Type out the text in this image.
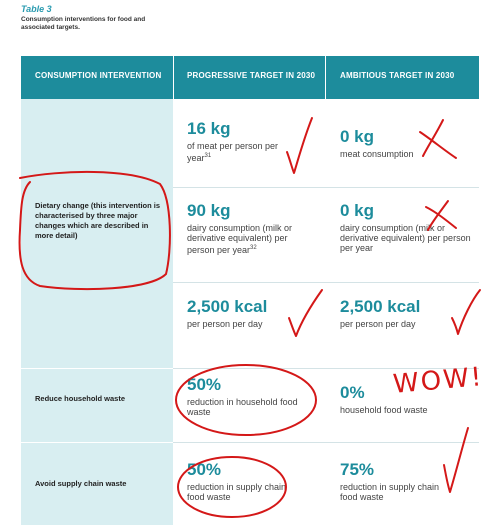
Table 3
Consumption interventions for food and associated targets.
CONSUMPTION INTERVENTION	PROGRESSIVE TARGET IN 2030	AMBITIOUS TARGET IN 2030
Dietary change (this intervention is characterised by three major changes which are described in more detail)
16 kg
of meat per person per year$^{31}$
0 kg
meat consumption
90 kg
dairy consumption (milk or derivative equivalent) per person per year$^{32}$
0 kg
dairy consumption (milk or derivative equivalent) per person per year
2,500 kcal
per person per day
2,500 kcal
per person per day
Reduce household waste
50%
reduction in household food waste
0%
household food waste
Avoid supply chain waste
50%
reduction in supply chain food waste
75%
reduction in supply chain food waste
WOW!
